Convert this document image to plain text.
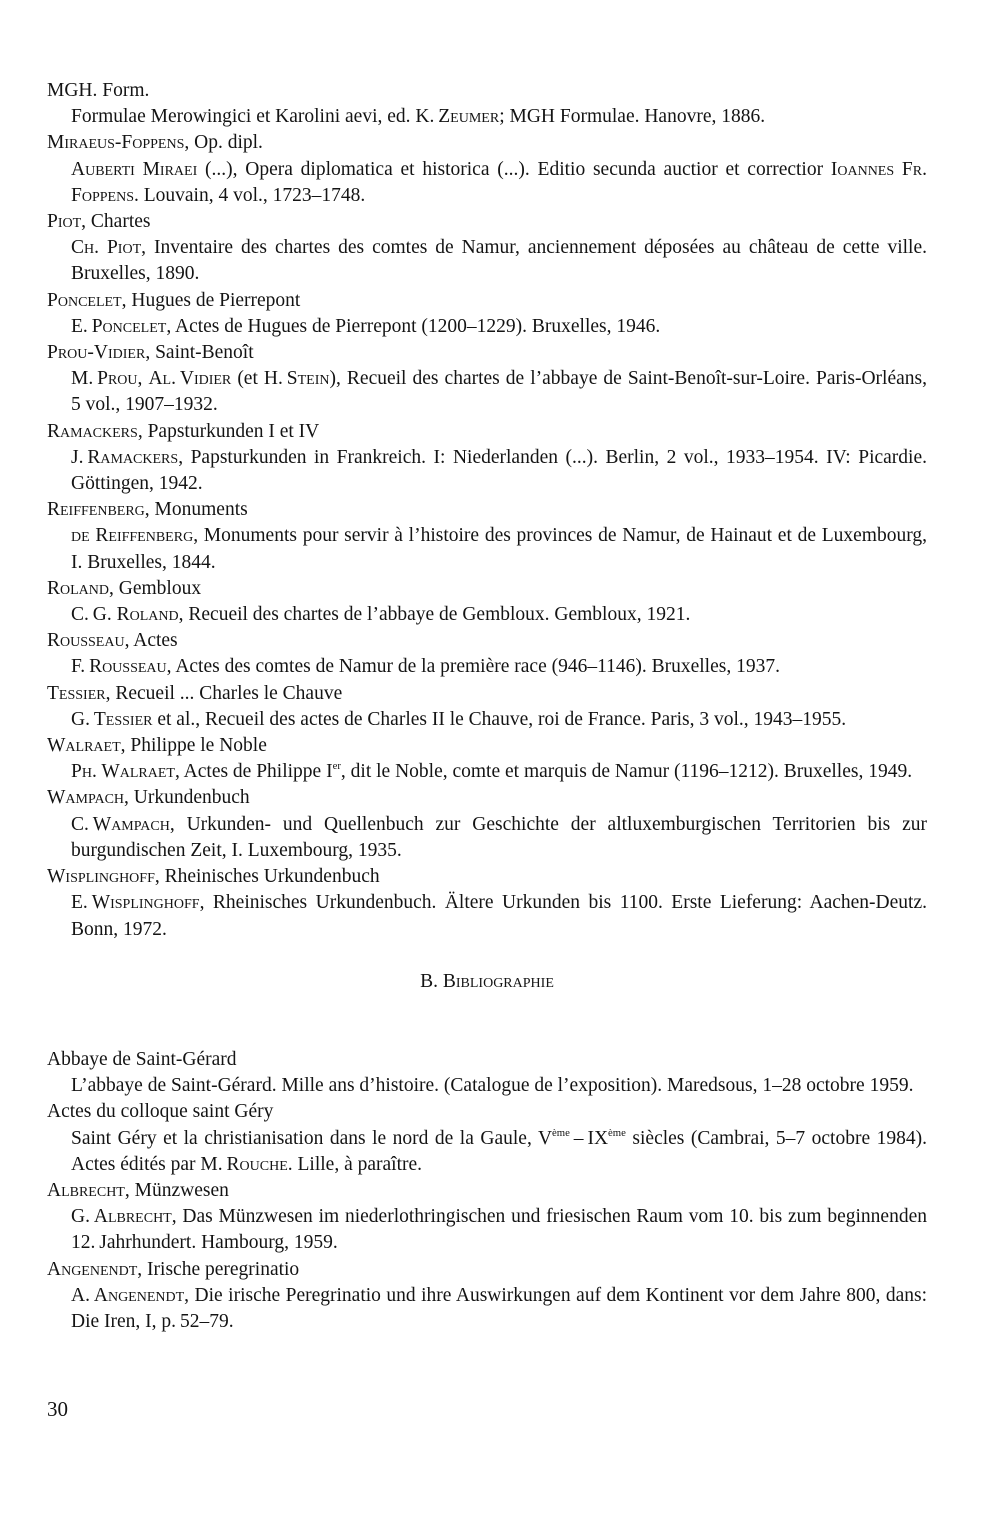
MGH. Form.
Formulae Merowingici et Karolini aevi, ed. K. Zeumer; MGH Formulae. Hanovre, 1886.
Miraeus-Foppens, Op. dipl.
Auberti Miraei (...), Opera diplomatica et historica (...). Editio secunda auctior et correctior Ioannes Fr. Foppens. Louvain, 4 vol., 1723–1748.
Piot, Chartes
Ch. Piot, Inventaire des chartes des comtes de Namur, anciennement déposées au château de cette ville. Bruxelles, 1890.
Poncelet, Hugues de Pierrepont
E. Poncelet, Actes de Hugues de Pierrepont (1200–1229). Bruxelles, 1946.
Prou-Vidier, Saint-Benoît
M. Prou, Al. Vidier (et H. Stein), Recueil des chartes de l’abbaye de Saint-Benoît-sur-Loire. Paris-Orléans, 5 vol., 1907–1932.
Ramackers, Papsturkunden I et IV
J. Ramackers, Papsturkunden in Frankreich. I: Niederlanden (...). Berlin, 2 vol., 1933–1954. IV: Picardie. Göttingen, 1942.
Reiffenberg, Monuments
de Reiffenberg, Monuments pour servir à l’histoire des provinces de Namur, de Hainaut et de Luxembourg, I. Bruxelles, 1844.
Roland, Gembloux
C. G. Roland, Recueil des chartes de l’abbaye de Gembloux. Gembloux, 1921.
Rousseau, Actes
F. Rousseau, Actes des comtes de Namur de la première race (946–1146). Bruxelles, 1937.
Tessier, Recueil ... Charles le Chauve
G. Tessier et al., Recueil des actes de Charles II le Chauve, roi de France. Paris, 3 vol., 1943–1955.
Walraet, Philippe le Noble
Ph. Walraet, Actes de Philippe Ier, dit le Noble, comte et marquis de Namur (1196–1212). Bruxelles, 1949.
Wampach, Urkundenbuch
C. Wampach, Urkunden- und Quellenbuch zur Geschichte der altluxemburgischen Territorien bis zur burgundischen Zeit, I. Luxembourg, 1935.
Wisplinghoff, Rheinisches Urkundenbuch
E. Wisplinghoff, Rheinisches Urkundenbuch. Ältere Urkunden bis 1100. Erste Lieferung: Aachen-Deutz. Bonn, 1972.
B. Bibliographie
Abbaye de Saint-Gérard
L’abbaye de Saint-Gérard. Mille ans d’histoire. (Catalogue de l’exposition). Maredsous, 1–28 octobre 1959.
Actes du colloque saint Géry
Saint Géry et la christianisation dans le nord de la Gaule, Vème – IXème siècles (Cambrai, 5–7 octobre 1984). Actes édités par M. Rouche. Lille, à paraître.
Albrecht, Münzwesen
G. Albrecht, Das Münzwesen im niederlothringischen und friesischen Raum vom 10. bis zum beginnenden 12. Jahrhundert. Hambourg, 1959.
Angenendt, Irische peregrinatio
A. Angenendt, Die irische Peregrinatio und ihre Auswirkungen auf dem Kontinent vor dem Jahre 800, dans: Die Iren, I, p. 52–79.
30
